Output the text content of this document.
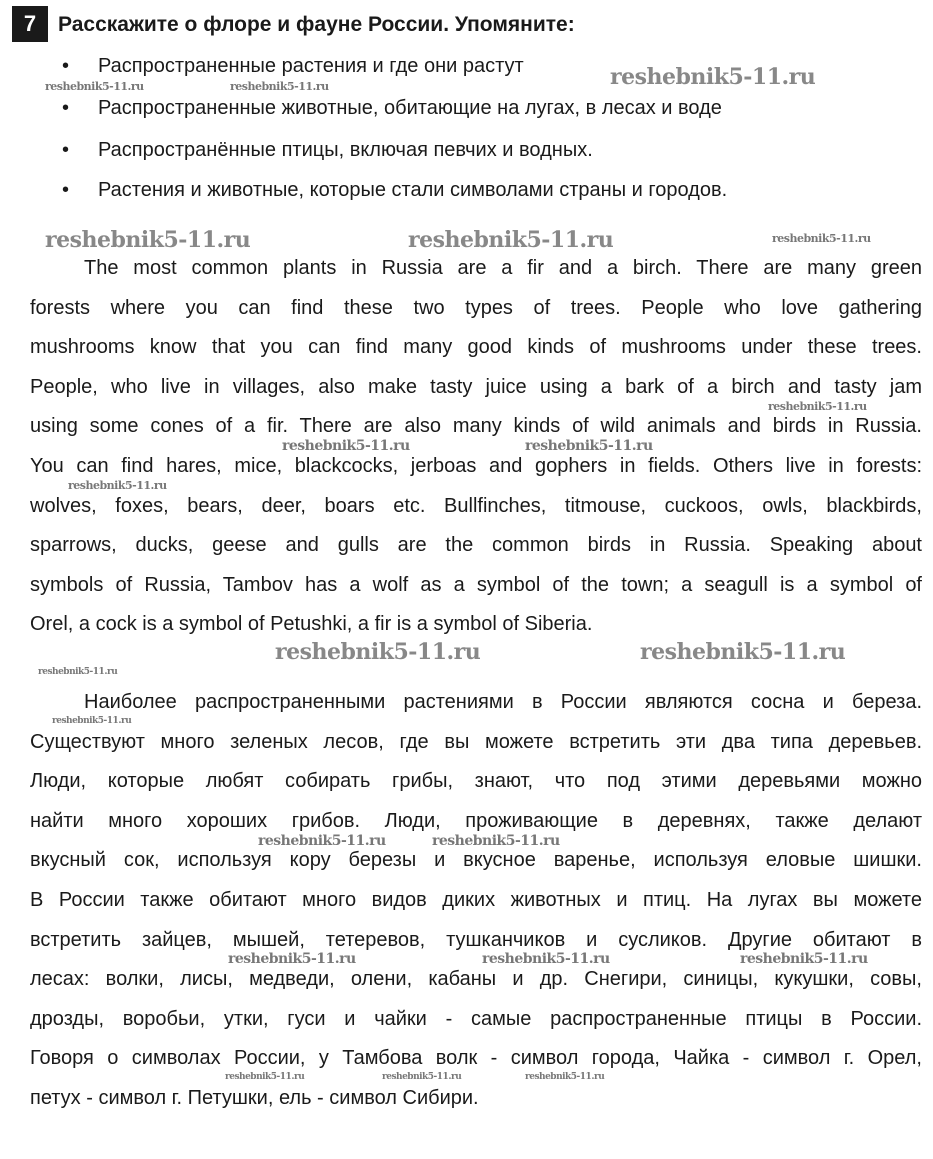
7	Расскажите о флоре и фауне России. Упомяните:
• Распространенные растения и где они растут
• Распространенные животные, обитающие на лугах, в лесах и воде
• Распространённые птицы, включая певчих и водных.
• Растения и животные, которые стали символами страны и городов.
The most common plants in Russia are a fir and a birch. There are many green
forests where you can find these two types of trees. People who love gathering
mushrooms know that you can find many good kinds of mushrooms under these trees.
People, who live in villages, also make tasty juice using a bark of a birch and tasty jam
using some cones of a fir. There are also many kinds of wild animals and birds in Russia.
You can find hares, mice, blackcocks, jerboas and gophers in fields. Others live in forests:
wolves, foxes, bears, deer, boars etc. Bullfinches, titmouse, cuckoos, owls, blackbirds,
sparrows, ducks, geese and gulls are the common birds in Russia. Speaking about
symbols of Russia, Tambov has a wolf as a symbol of the town; a seagull is a symbol of
Orel, a cock is a symbol of Petushki, a fir is a symbol of Siberia.
Наиболее распространенными растениями в России являются сосна и береза.
Существуют много зеленых лесов, где вы можете встретить эти два типа деревьев.
Люди, которые любят собирать грибы, знают, что под этими деревьями можно
найти много хороших грибов. Люди, проживающие в деревнях, также делают
вкусный сок, используя кору березы и вкусное варенье, используя еловые шишки.
В России также обитают много видов диких животных и птиц. На лугах вы можете
встретить зайцев, мышей, тетеревов, тушканчиков и сусликов. Другие обитают в
лесах: волки, лисы, медведи, олени, кабаны и др. Снегири, синицы, кукушки, совы,
дрозды, воробьи, утки, гуси и чайки - самые распространенные птицы в России.
Говоря о символах России, у Тамбова волк - символ города, Чайка - символ г. Орел,
петух - символ г. Петушки, ель - символ Сибири.
reshebnik5-11.ru
reshebnik5-11.ru	reshebnik5-11.ru
reshebnik5-11.ru	reshebnik5-11.ru	reshebnik5-11.ru
reshebnik5-11.ru
reshebnik5-11.ru	reshebnik5-11.ru
reshebnik5-11.ru
reshebnik5-11.ru	reshebnik5-11.ru
reshebnik5-11.ru
reshebnik5-11.ru
reshebnik5-11.ru	reshebnik5-11.ru
reshebnik5-11.ru	reshebnik5-11.ru	reshebnik5-11.ru
reshebnik5-11.ru	reshebnik5-11.ru	reshebnik5-11.ru
